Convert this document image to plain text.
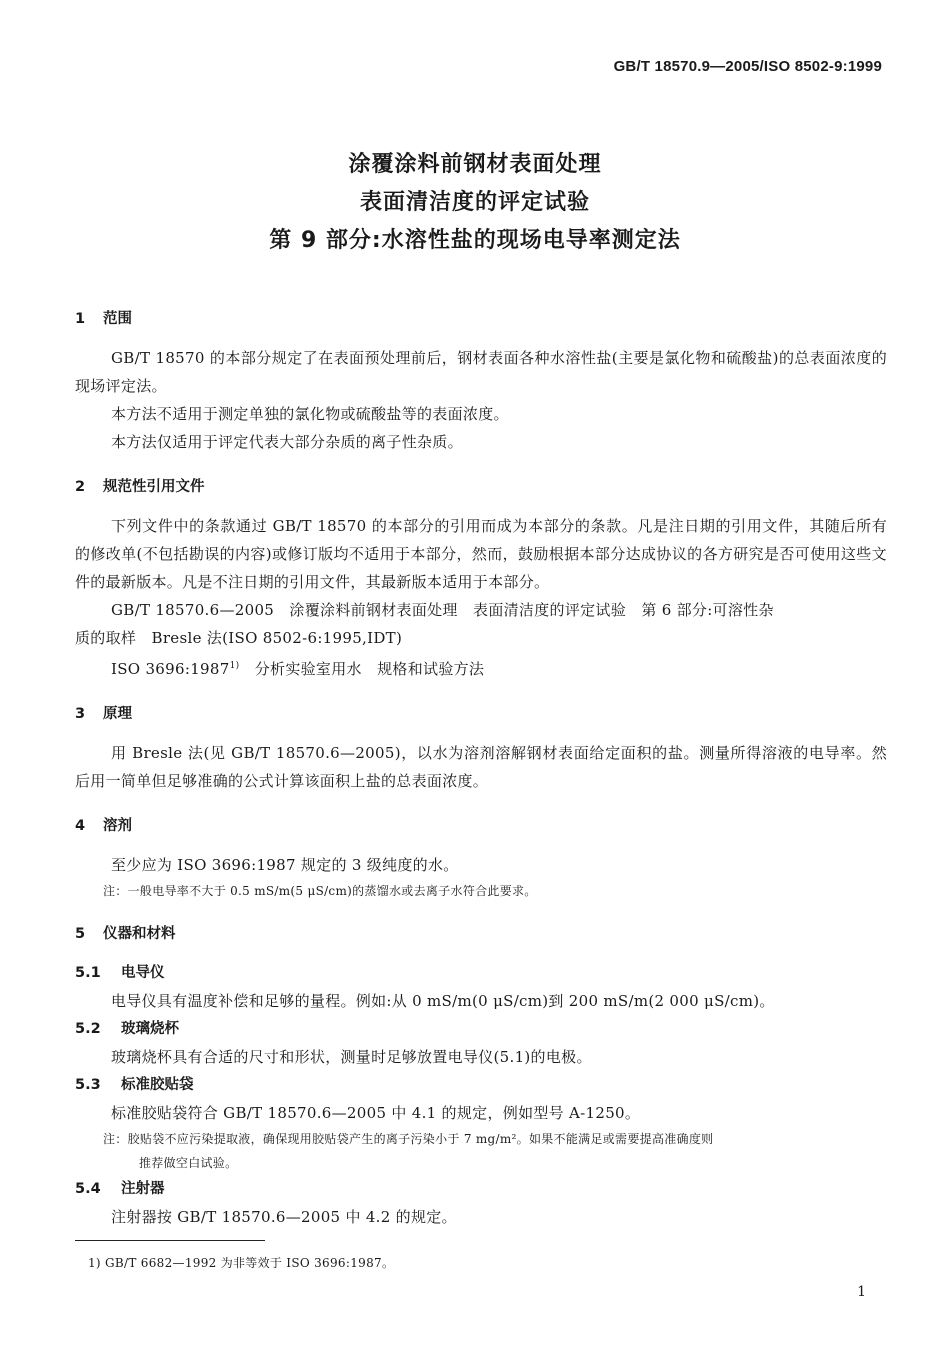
GB/T 18570.9—2005/ISO 8502-9:1999
涂覆涂料前钢材表面处理
表面清洁度的评定试验
第 9 部分:水溶性盐的现场电导率测定法
1 范围

GB/T 18570 的本部分规定了在表面预处理前后，钢材表面各种水溶性盐(主要是氯化物和硫酸盐)的总表面浓度的现场评定法。

本方法不适用于测定单独的氯化物或硫酸盐等的表面浓度。

本方法仅适用于评定代表大部分杂质的离子性杂质。

2 规范性引用文件

下列文件中的条款通过 GB/T 18570 的本部分的引用而成为本部分的条款。凡是注日期的引用文件，其随后所有的修改单(不包括勘误的内容)或修订版均不适用于本部分，然而，鼓励根据本部分达成协议的各方研究是否可使用这些文件的最新版本。凡是不注日期的引用文件，其最新版本适用于本部分。

GB/T 18570.6—2005　涂覆涂料前钢材表面处理　表面清洁度的评定试验　第 6 部分:可溶性杂

质的取样　Bresle 法(ISO 8502-6:1995,IDT)

ISO 3696:1987$^{1)}$　分析实验室用水　规格和试验方法

3 原理

用 Bresle 法(见 GB/T 18570.6—2005)，以水为溶剂溶解钢材表面给定面积的盐。测量所得溶液的电导率。然后用一简单但足够准确的公式计算该面积上盐的总表面浓度。

4 溶剂

至少应为 ISO 3696:1987 规定的 3 级纯度的水。

注：一般电导率不大于 0.5 mS/m(5 μS/cm)的蒸馏水或去离子水符合此要求。

5 仪器和材料
5.1 电导仪

电导仪具有温度补偿和足够的量程。例如:从 0 mS/m(0 μS/cm)到 200 mS/m(2 000 μS/cm)。

5.2 玻璃烧杯

玻璃烧杯具有合适的尺寸和形状，测量时足够放置电导仪(5.1)的电极。

5.3 标准胶贴袋

标准胶贴袋符合 GB/T 18570.6—2005 中 4.1 的规定，例如型号 A-1250。

注：胶贴袋不应污染提取液，确保现用胶贴袋产生的离子污染小于 7 mg/m²。如果不能满足或需要提高准确度则

推荐做空白试验。

5.4 注射器

注射器按 GB/T 18570.6—2005 中 4.2 的规定。

1) GB/T 6682—1992 为非等效于 ISO 3696:1987。
1
